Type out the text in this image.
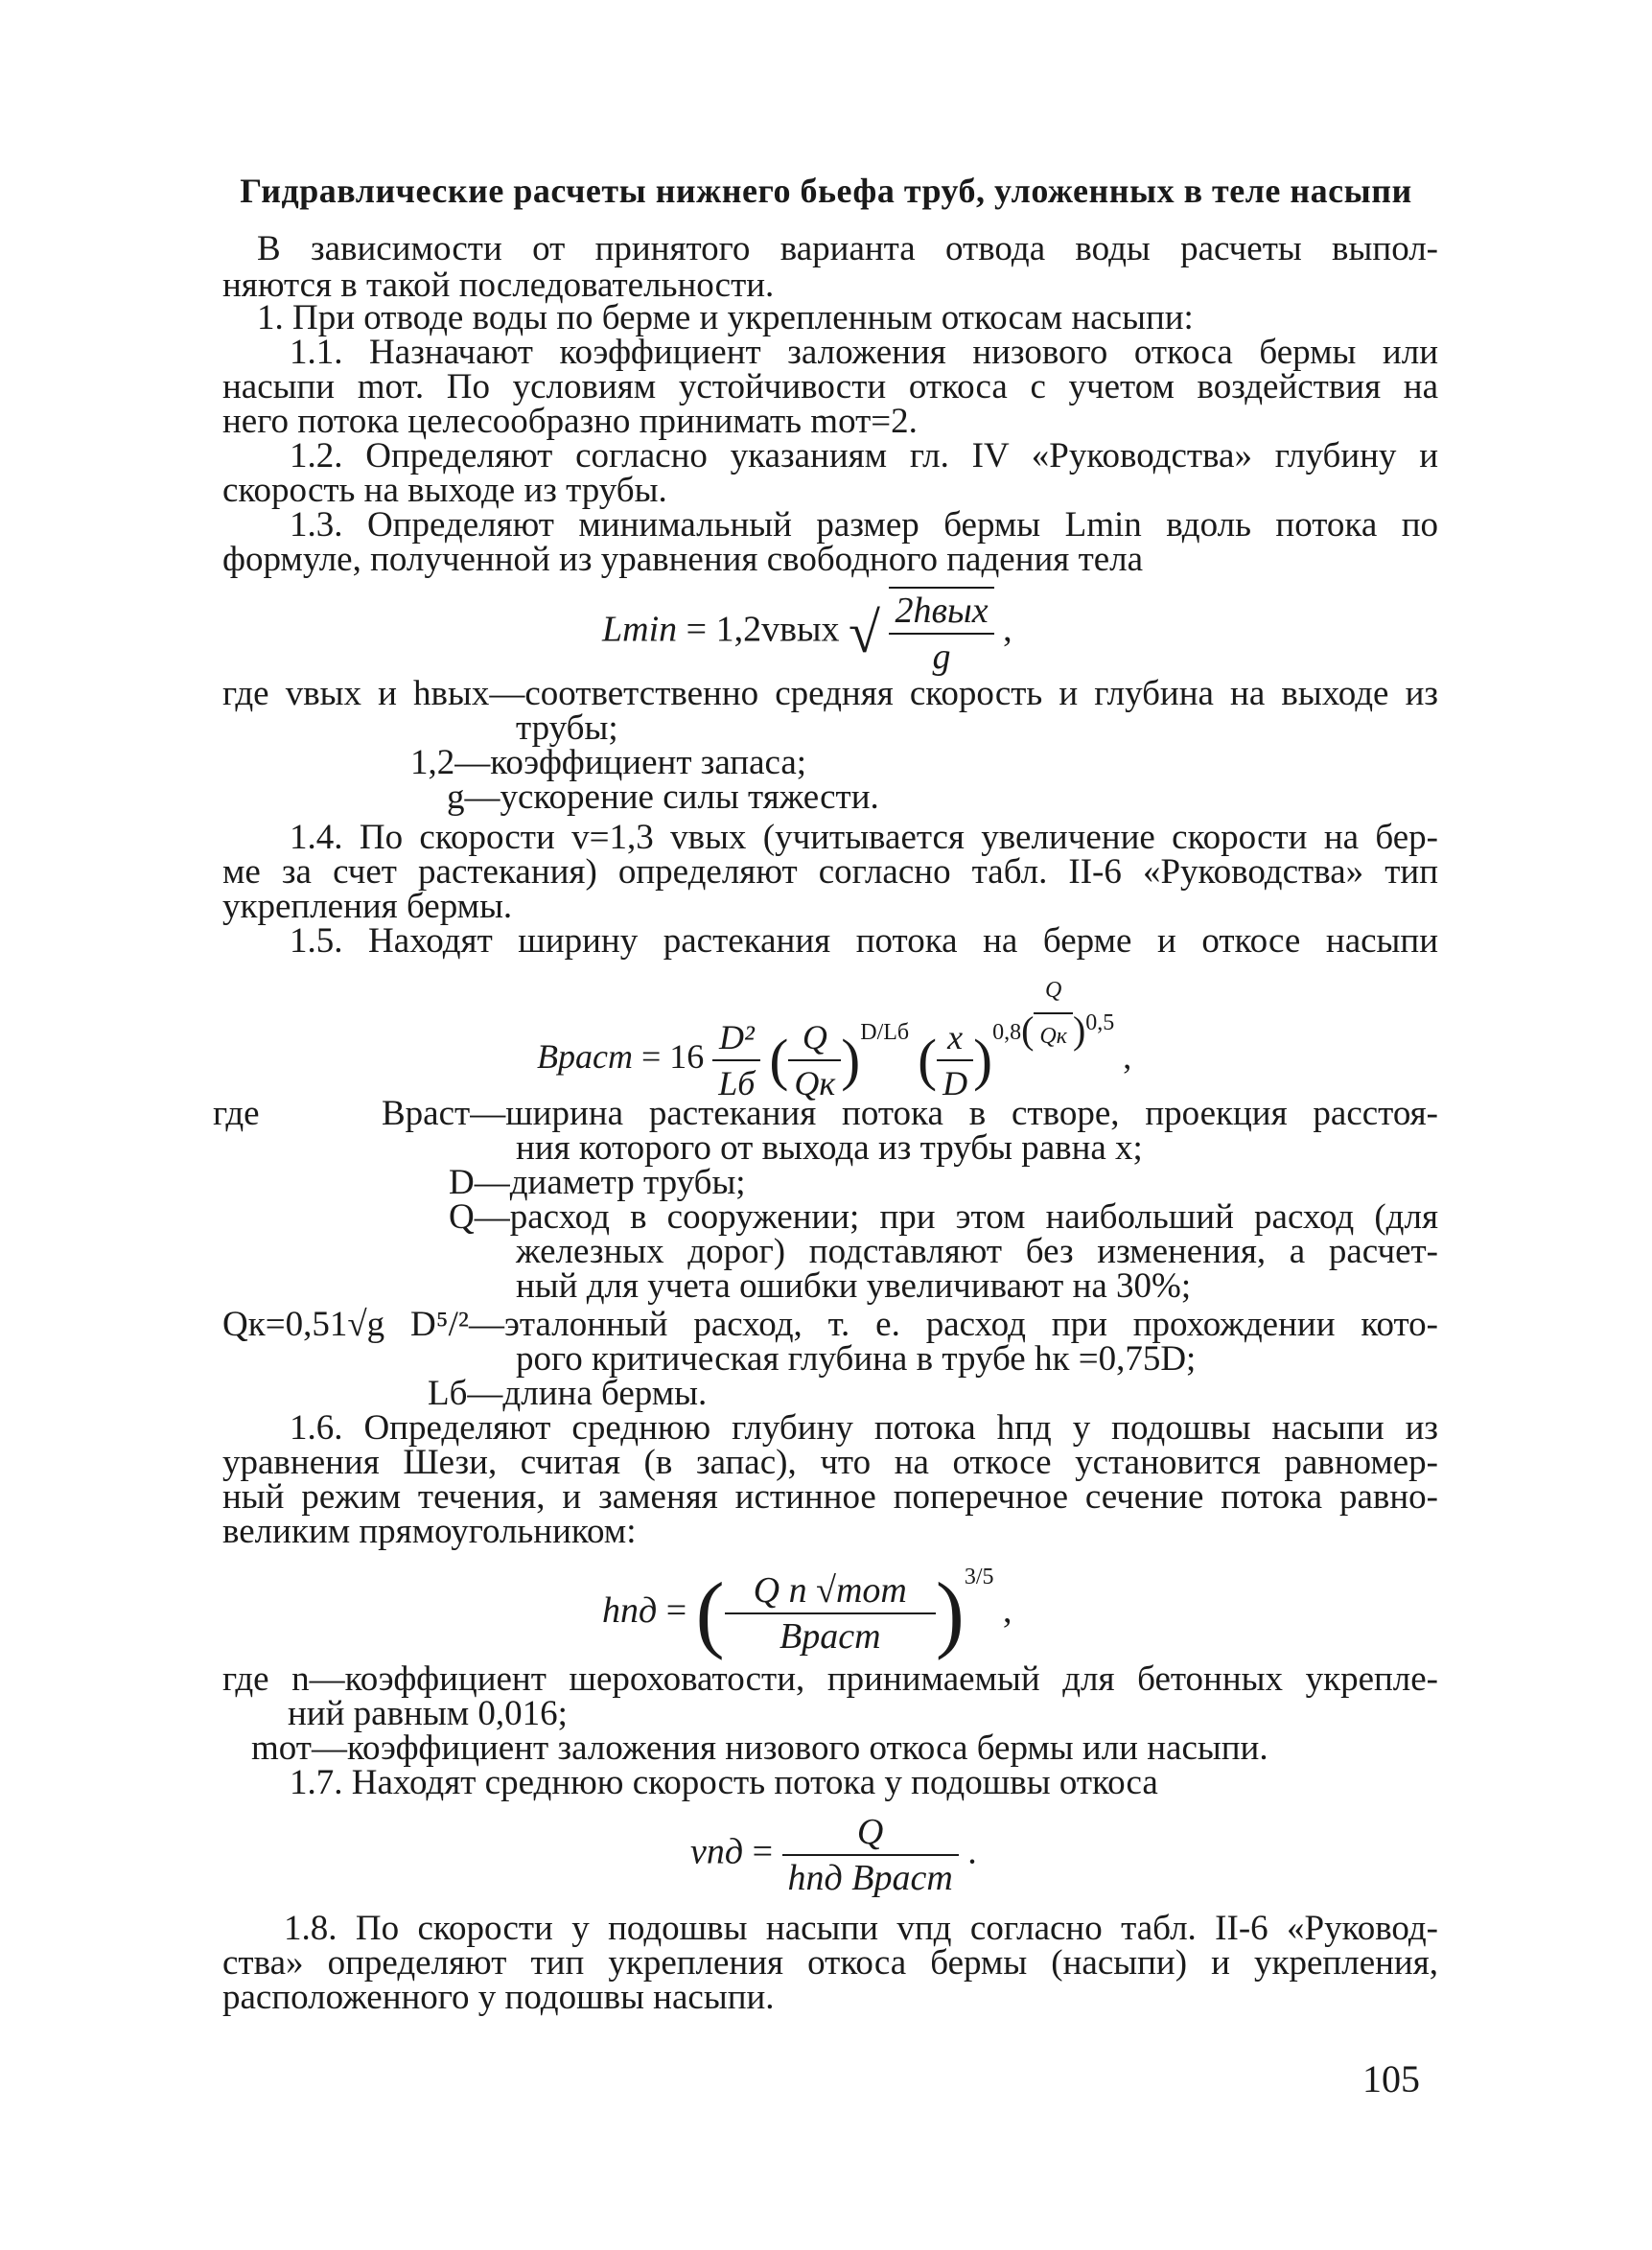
Гидравлические расчеты нижнего бьефа труб, уложенных в теле насыпи
В зависимости от принятого варианта отвода воды расчеты выпол-
няются в такой последовательности.
1. При отводе воды по берме и укрепленным откосам насыпи:
1.1. Назначают коэффициент заложения низового откоса бермы или
насыпи mот. По условиям устойчивости откоса с учетом воздействия на
него потока целесообразно принимать mот=2.
1.2. Определяют согласно указаниям гл. IV «Руководства» глубину и
скорость на выходе из трубы.
1.3. Определяют минимальный размер бермы Lmin вдоль потока по
формуле, полученной из уравнения свободного падения тела
Lmin = 1,2vвых √ $\frac{\text{2hвых}}{g}$ ,
где vвых и hвых—соответственно средняя скорость и глубина на выходе из
трубы;
1,2—коэффициент запаса;
g—ускорение силы тяжести.
1.4. По скорости v=1,3 vвых (учитывается увеличение скорости на бер-
ме за счет растекания) определяют согласно табл. II-6 «Руководства» тип
укрепления бермы.
1.5. Находят ширину растекания потока на берме и откосе насыпи
Bраст = $16 \frac{\text{D²}}{Lб}$ ( $\frac{Q}{Qк} )^{D/Lб}$ ( $\frac{x}{D} )^{0,8}( \frac{Q}{Qк} )^{0,5}$ ,
где	Bраст—ширина растекания потока в створе, проекция расстоя-
ния которого от выхода из трубы равна x;
D—диаметр трубы;
Q—расход в сооружении; при этом наибольший расход (для
железных дорог) подставляют без изменения, а расчет-
ный для учета ошибки увеличивают на 30%;
Qк=0,51√g D⁵/²—эталонный расход, т. е. расход при прохождении кото-
рого критическая глубина в трубе hк =0,75D;
Lб—длина бермы.
1.6. Определяют среднюю глубину потока hпд у подошвы насыпи из
уравнения Шези, считая (в запас), что на откосе установится равномер-
ный режим течения, и заменяя истинное поперечное сечение потока равно-
великим прямоугольником:
hпд = ( $\frac{\text{Q n √mот}}{\text{Bраст}} )^{3/5}$ ,
где n—коэффициент шероховатости, принимаемый для бетонных укрепле-
ний равным 0,016;
mот—коэффициент заложения низового откоса бермы или насыпи.
1.7. Находят среднюю скорость потока у подошвы откоса
vпд = $\frac{Q}{\text{hпд Bраст}}$ .
1.8. По скорости у подошвы насыпи vпд согласно табл. II-6 «Руковод-
ства» определяют тип укрепления откоса бермы (насыпи) и укрепления,
расположенного у подошвы насыпи.
105
